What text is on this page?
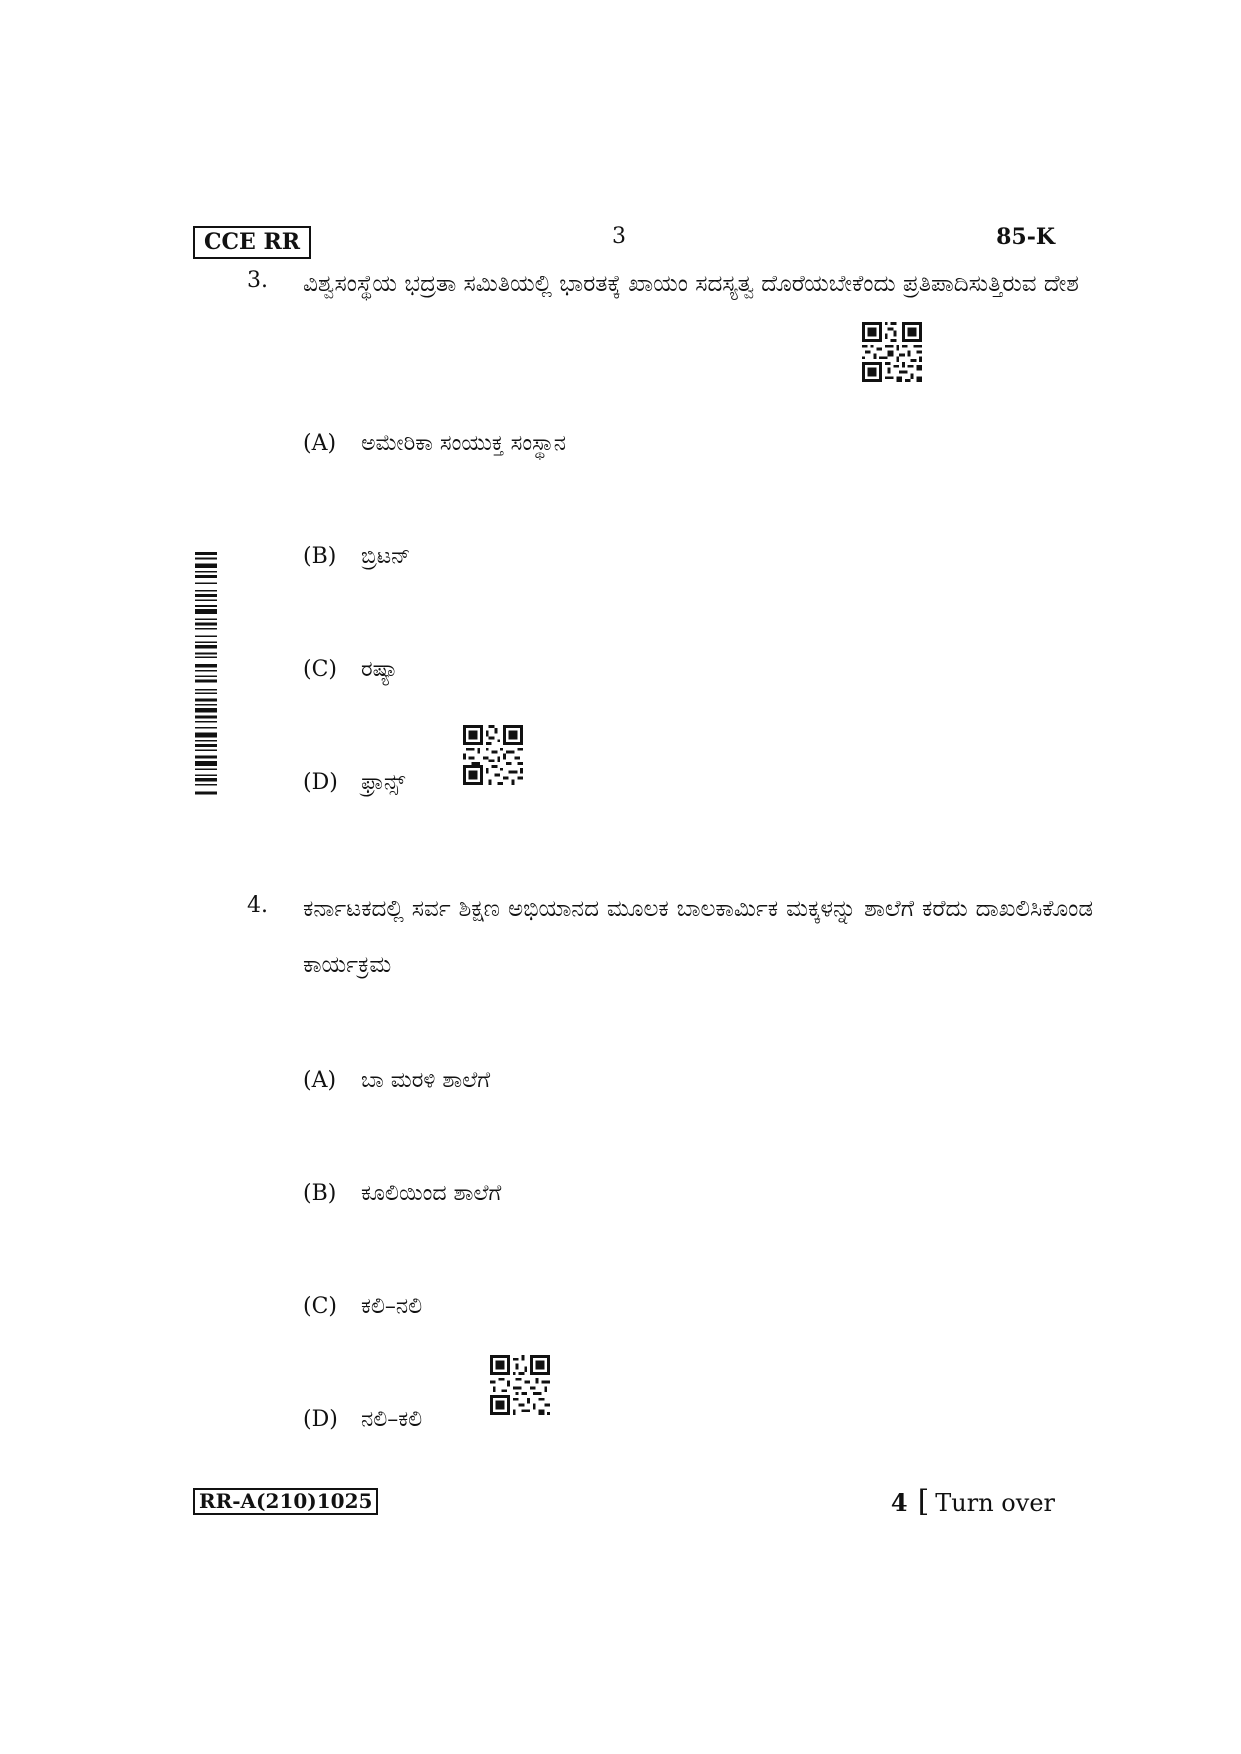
CCE RR	3	85-K
3. ವಿಶ್ವಸಂಸ್ಥೆಯ ಭದ್ರತಾ ಸಮಿತಿಯಲ್ಲಿ ಭಾರತಕ್ಕೆ ಖಾಯಂ ಸದಸ್ಯತ್ವ ದೊರೆಯಬೇಕೆಂದು ಪ್ರತಿಪಾದಿಸುತ್ತಿರುವ ದೇಶ
(A) ಅಮೇರಿಕಾ ಸಂಯುಕ್ತ ಸಂಸ್ಥಾನ
(B) ಬ್ರಿಟನ್
(C) ರಷ್ಯಾ
(D) ಫ್ರಾನ್ಸ್
4. ಕರ್ನಾಟಕದಲ್ಲಿ ಸರ್ವ ಶಿಕ್ಷಣ ಅಭಿಯಾನದ ಮೂಲಕ ಬಾಲಕಾರ್ಮಿಕ ಮಕ್ಕಳನ್ನು ಶಾಲೆಗೆ ಕರೆದು ದಾಖಲಿಸಿಕೊಂಡ ಕಾರ್ಯಕ್ರಮ
(A) ಬಾ ಮರಳಿ ಶಾಲೆಗೆ
(B) ಕೂಲಿಯಿಂದ ಶಾಲೆಗೆ
(C) ಕಲಿ–ನಲಿ
(D) ನಲಿ–ಕಲಿ
RR-A(210)1025	4 [ Turn over
